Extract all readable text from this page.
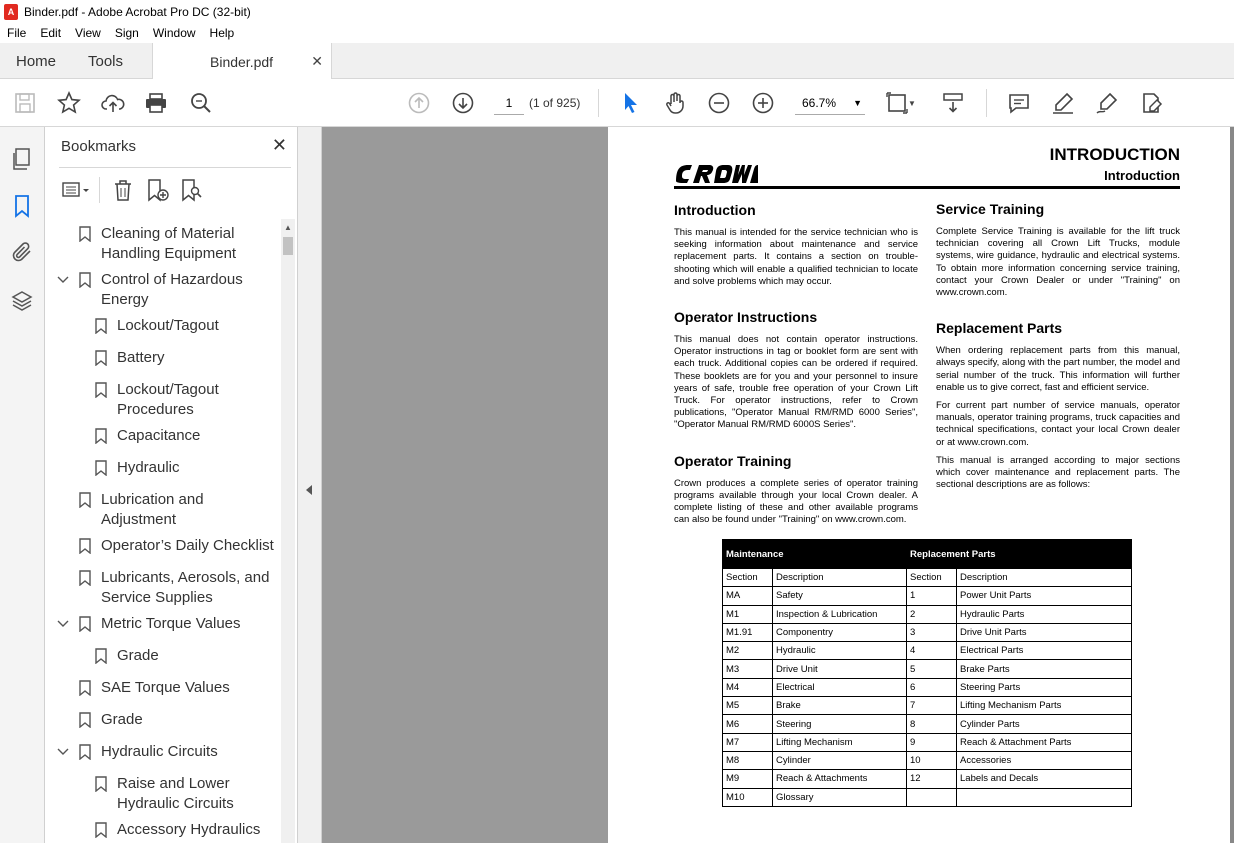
A Binder.pdf - Adobe Acrobat Pro DC (32-bit)
File	Edit	View	Sign	Window	Help
Home Tools	Binder.pdf	✕
1	(1 of 925)	66.7% ▼	▼
Bookmarks	✕
Cleaning of Material Handling Equipment
Control of Hazardous Energy
Lockout/Tagout
Battery
Lockout/Tagout Procedures
Capacitance
Hydraulic
Lubrication and Adjustment
Operator’s Daily Checklist
Lubricants, Aerosols, and Service Supplies
Metric Torque Values
Grade
SAE Torque Values
Grade
Hydraulic Circuits
Raise and Lower Hydraulic Circuits
Accessory Hydraulics
▲
INTRODUCTION
Introduction
Introduction

This manual is intended for the service technician who is seeking information about maintenance and service replacement parts. It contains a section on trouble-shooting which will enable a qualified technician to locate and solve problems which may occur.

Operator Instructions

This manual does not contain operator instructions. Operator instructions in tag or booklet form are sent with each truck. Additional copies can be ordered if required. These booklets are for you and your personnel to insure years of safe, trouble free operation of your Crown Lift Truck. For operator instructions, refer to Crown publications, "Operator Manual RM/RMD 6000 Series", "Operator Manual RM/RMD 6000S Series".

Operator Training

Crown produces a complete series of operator training programs available through your local Crown dealer. A complete listing of these and other available programs can also be found under "Training" on www.crown.com.

Service Training

Complete Service Training is available for the lift truck technician covering all Crown Lift Trucks, module systems, wire guidance, hydraulic and electrical systems. To obtain more information concerning service training, contact your Crown Dealer or under "Training" on www.crown.com.

Replacement Parts

When ordering replacement parts from this manual, always specify, along with the part number, the model and serial number of the truck. This information will further enable us to give correct, fast and efficient service.

For current part number of service manuals, operator manuals, operator training programs, truck capacities and technical specifications, contact your local Crown dealer or at www.crown.com.

This manual is arranged according to major sections which cover maintenance and replacement parts. The sectional descriptions are as follows:

Maintenance		Replacement Parts	
Section	Description	Section	Description
MA	Safety	1	Power Unit Parts
M1	Inspection & Lubrication	2	Hydraulic Parts
M1.91	Componentry	3	Drive Unit Parts
M2	Hydraulic	4	Electrical Parts
M3	Drive Unit	5	Brake Parts
M4	Electrical	6	Steering Parts
M5	Brake	7	Lifting Mechanism Parts
M6	Steering	8	Cylinder Parts
M7	Lifting Mechanism	9	Reach & Attachment Parts
M8	Cylinder	10	Accessories
M9	Reach & Attachments	12	Labels and Decals
M10	Glossary		
